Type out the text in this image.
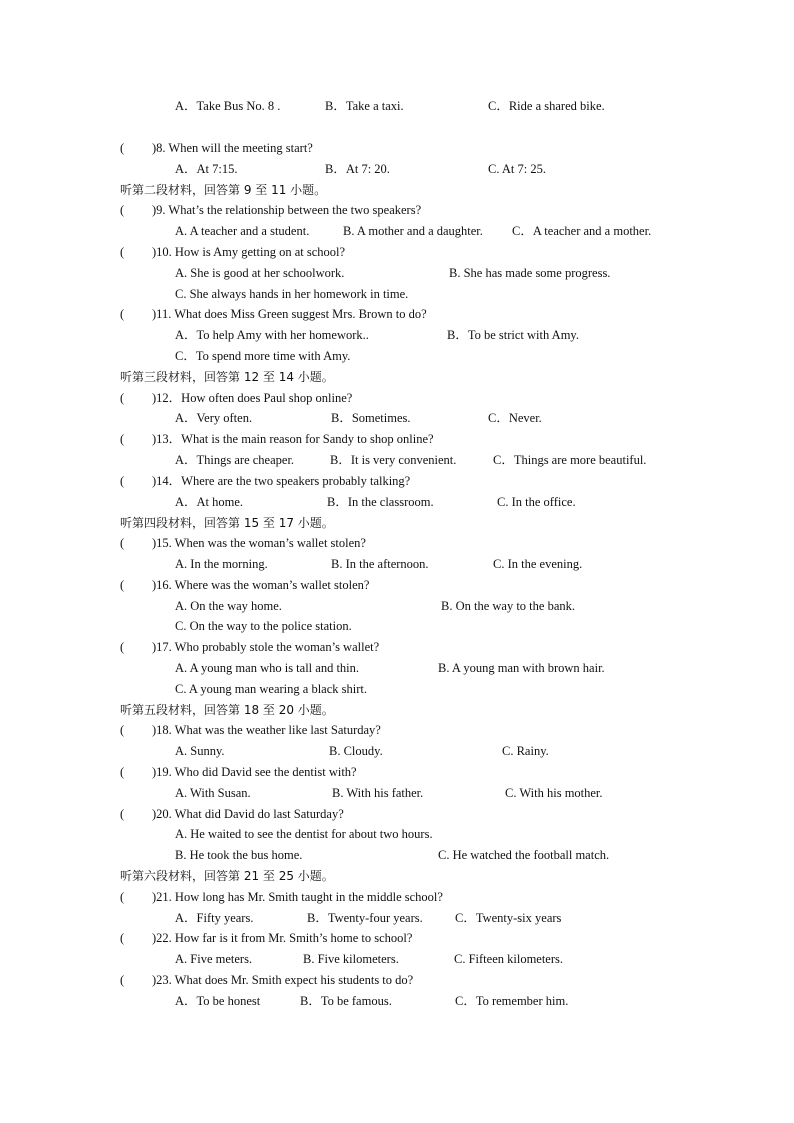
A．Take Bus No. 8 .	B．Take a taxi.	C．Ride a shared bike.
( )8. When will the meeting start?
A．At 7:15.	B．At 7: 20.	C. At 7: 25.
听第二段材料，回答第 9 至 11 小题。
( )9. What’s the relationship between the two speakers?
A. A teacher and a student.	B. A mother and a daughter. C．A teacher and a mother.
( )10. How is Amy getting on at school?
A. She is good at her schoolwork.	B. She has made some progress.
C. She always hands in her homework in time.
( )11. What does Miss Green suggest Mrs. Brown to do?
A．To help Amy with her homework..	B．To be strict with Amy.
C．To spend more time with Amy.
听第三段材料，回答第 12 至 14 小题。
( )12．How often does Paul shop online?
A．Very often.	B．Sometimes.	C．Never.
( )13．What is the main reason for Sandy to shop online?
A．Things are cheaper.	B．It is very convenient.	C．Things are more beautiful.
( )14．Where are the two speakers probably talking?
A．At home.	B．In the classroom.	C. In the office.
听第四段材料，回答第 15 至 17 小题。
( )15. When was the woman’s wallet stolen?
A. In the morning.	B. In the afternoon.	C. In the evening.
( )16. Where was the woman’s wallet stolen?
A. On the way home.	B. On the way to the bank.
C. On the way to the police station.
( )17. Who probably stole the woman’s wallet?
A. A young man who is tall and thin.	B. A young man with brown hair.
C. A young man wearing a black shirt.
听第五段材料，回答第 18 至 20 小题。
( )18. What was the weather like last Saturday?
A. Sunny.	B. Cloudy.	C. Rainy.
( )19. Who did David see the dentist with?
A. With Susan.	B. With his father.	C. With his mother.
( )20. What did David do last Saturday?
A. He waited to see the dentist for about two hours.
B. He took the bus home.	C. He watched the football match.
听第六段材料，回答第 21 至 25 小题。
( )21. How long has Mr. Smith taught in the middle school?
A．Fifty years.	B．Twenty-four years.	C．Twenty-six years
( )22. How far is it from Mr. Smith’s home to school?
A. Five meters.	B. Five kilometers.	C. Fifteen kilometers.
( )23. What does Mr. Smith expect his students to do?
A．To be honest	B．To be famous.	C．To remember him.
